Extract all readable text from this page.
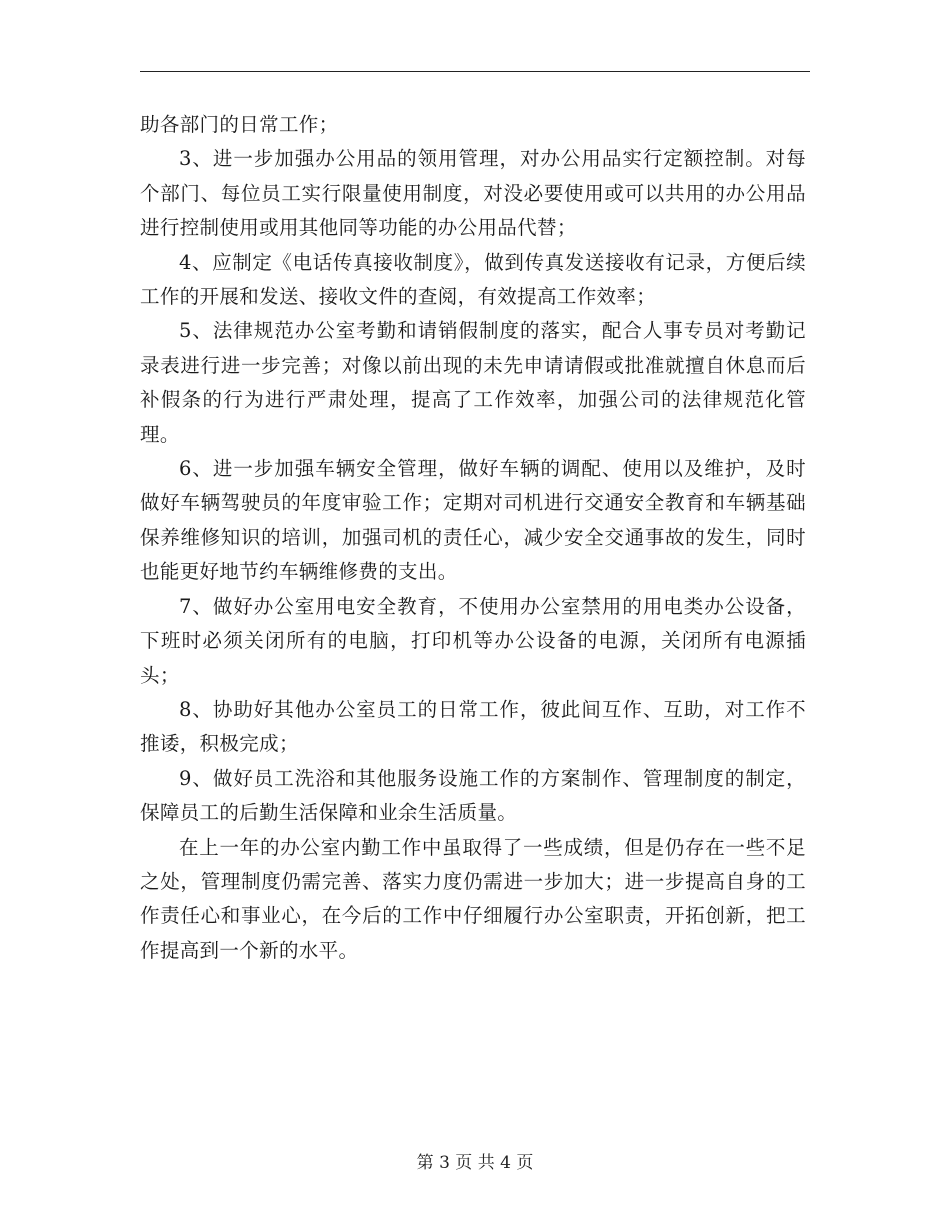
助各部门的日常工作；

3、进一步加强办公用品的领用管理，对办公用品实行定额控制。对每个部门、每位员工实行限量使用制度，对没必要使用或可以共用的办公用品进行控制使用或用其他同等功能的办公用品代替；

4、应制定《电话传真接收制度》，做到传真发送接收有记录，方便后续工作的开展和发送、接收文件的查阅，有效提高工作效率；

5、法律规范办公室考勤和请销假制度的落实，配合人事专员对考勤记录表进行进一步完善；对像以前出现的未先申请请假或批准就擅自休息而后补假条的行为进行严肃处理，提高了工作效率，加强公司的法律规范化管理。

6、进一步加强车辆安全管理，做好车辆的调配、使用以及维护，及时做好车辆驾驶员的年度审验工作；定期对司机进行交通安全教育和车辆基础保养维修知识的培训，加强司机的责任心，减少安全交通事故的发生，同时也能更好地节约车辆维修费的支出。

7、做好办公室用电安全教育，不使用办公室禁用的用电类办公设备，下班时必须关闭所有的电脑，打印机等办公设备的电源，关闭所有电源插头；

8、协助好其他办公室员工的日常工作，彼此间互作、互助，对工作不推诿，积极完成；

9、做好员工洗浴和其他服务设施工作的方案制作、管理制度的制定，保障员工的后勤生活保障和业余生活质量。

在上一年的办公室内勤工作中虽取得了一些成绩，但是仍存在一些不足之处，管理制度仍需完善、落实力度仍需进一步加大；进一步提高自身的工作责任心和事业心，在今后的工作中仔细履行办公室职责，开拓创新，把工作提高到一个新的水平。

第 3 页 共 4 页
